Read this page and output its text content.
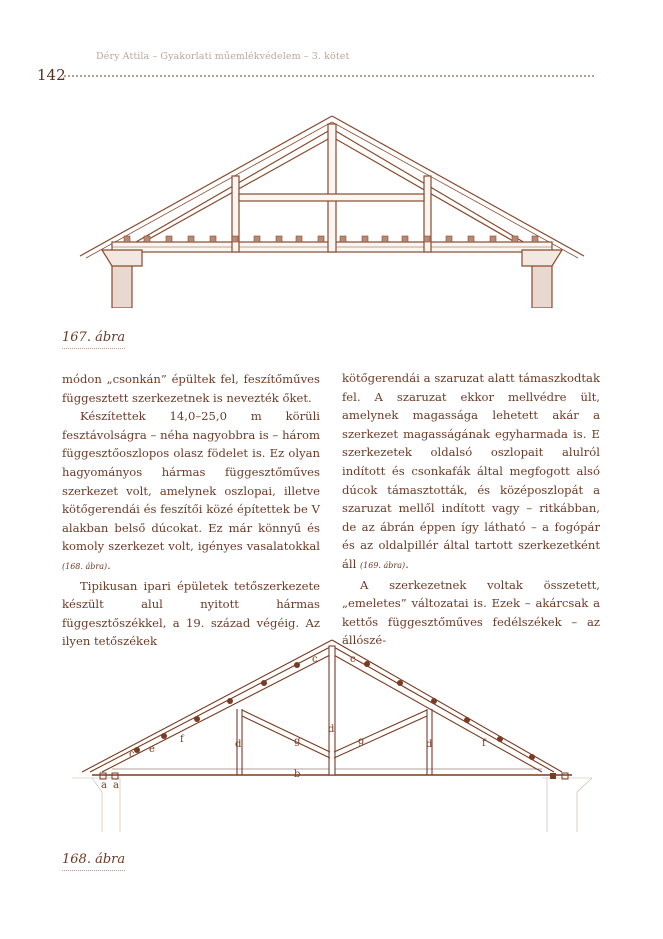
Déry Attila – Gyakorlati műemlékvédelem – 3. kötet
142
167. ábra

módon „csonkán” épültek fel, feszítőműves függesztett szerkezetnek is nevezték őket.

Készítettek 14,0–25,0 m körüli fesztávolságra – néha nagyobbra is – három függesztőoszlopos olasz födelet is. Ez olyan hagyományos hármas függesztőműves szerkezet volt, amelynek oszlopai, illetve kötőgerendái és feszítői közé építettek be V alakban belső dúcokat. Ez már könnyű és komoly szerkezet volt, igényes vasalatokkal (168. ábra).

Tipikusan ipari épületek tetőszerkezete készült alul nyitott hármas függesztőszékkel, a 19. század végéig. Az ilyen tetőszékek

kötőgerendái a szaruzat alatt támaszkodtak fel. A szaruzat ekkor mellvédre ült, amelynek magassága lehetett akár a szerkezet magasságának egyharmada is. E szerkezetek oldalsó oszlopait alulról indított és csonkafák által megfogott alsó dúcok támasztották, és középoszlopát a szaruzat mellől indított vagy – ritkábban, de az ábrán éppen így látható – a fogópár és az oldalpillér által tartott szerkezetként áll (169. ábra).

A szerkezetnek voltak összetett, „emeletes” változatai is. Ezek – akárcsak a kettős függesztőműves fedélszékek – az állószé-

a a
b
c	c
c
d
d	d
e
f	f
g	g
168. ábra
